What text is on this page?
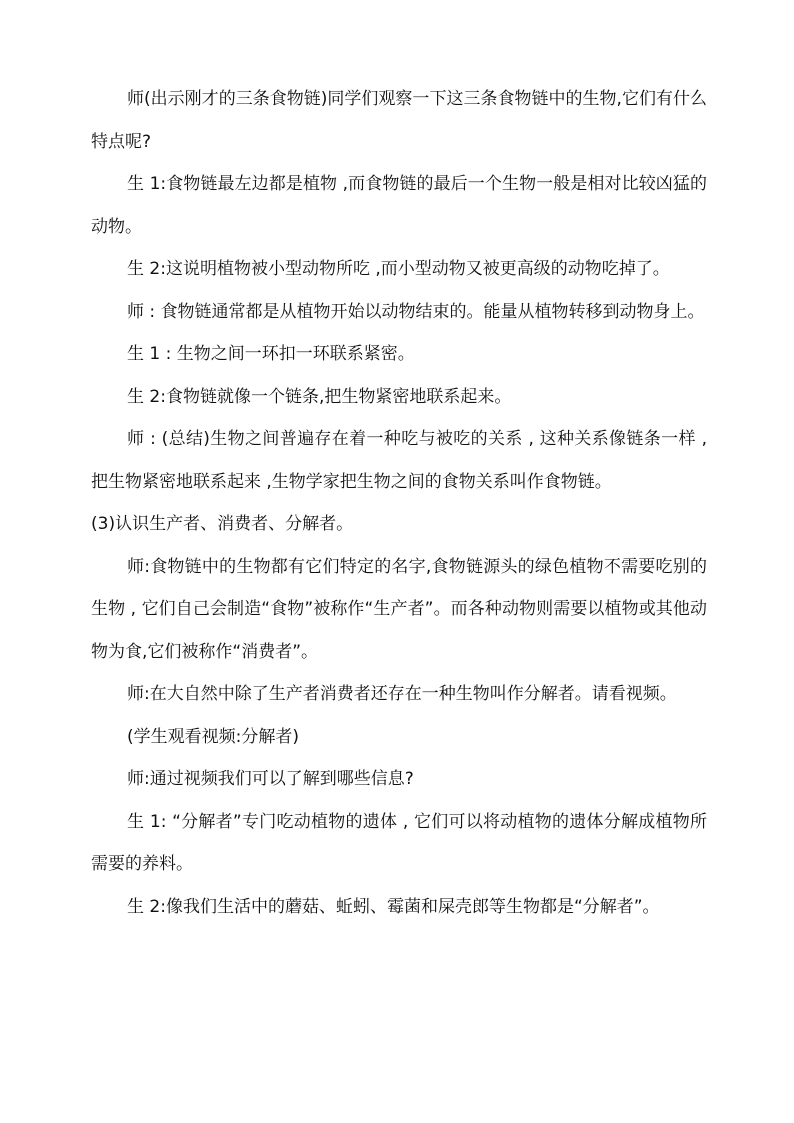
师(出示刚才的三条食物链)同学们观察一下这三条食物链中的生物,它们有什么特点呢?

生 1:食物链最左边都是植物 ,而食物链的最后一个生物一般是相对比较凶猛的动物。

生 2:这说明植物被小型动物所吃 ,而小型动物又被更高级的动物吃掉了。

师 : 食物链通常都是从植物开始以动物结束的。能量从植物转移到动物身上。

生 1 : 生物之间一环扣一环联系紧密。

生 2:食物链就像一个链条,把生物紧密地联系起来。

师 : (总结)生物之间普遍存在着一种吃与被吃的关系 , 这种关系像链条一样 ,把生物紧密地联系起来 ,生物学家把生物之间的食物关系叫作食物链。

(3)认识生产者、消费者、分解者。

师:食物链中的生物都有它们特定的名字,食物链源头的绿色植物不需要吃别的生物 , 它们自己会制造“食物”被称作“生产者”。而各种动物则需要以植物或其他动物为食,它们被称作“消费者”。

师:在大自然中除了生产者消费者还存在一种生物叫作分解者。请看视频。

(学生观看视频:分解者)

师:通过视频我们可以了解到哪些信息?

生 1: “分解者”专门吃动植物的遗体 , 它们可以将动植物的遗体分解成植物所需要的养料。

生 2:像我们生活中的蘑菇、蚯蚓、霉菌和屎壳郎等生物都是“分解者”。
